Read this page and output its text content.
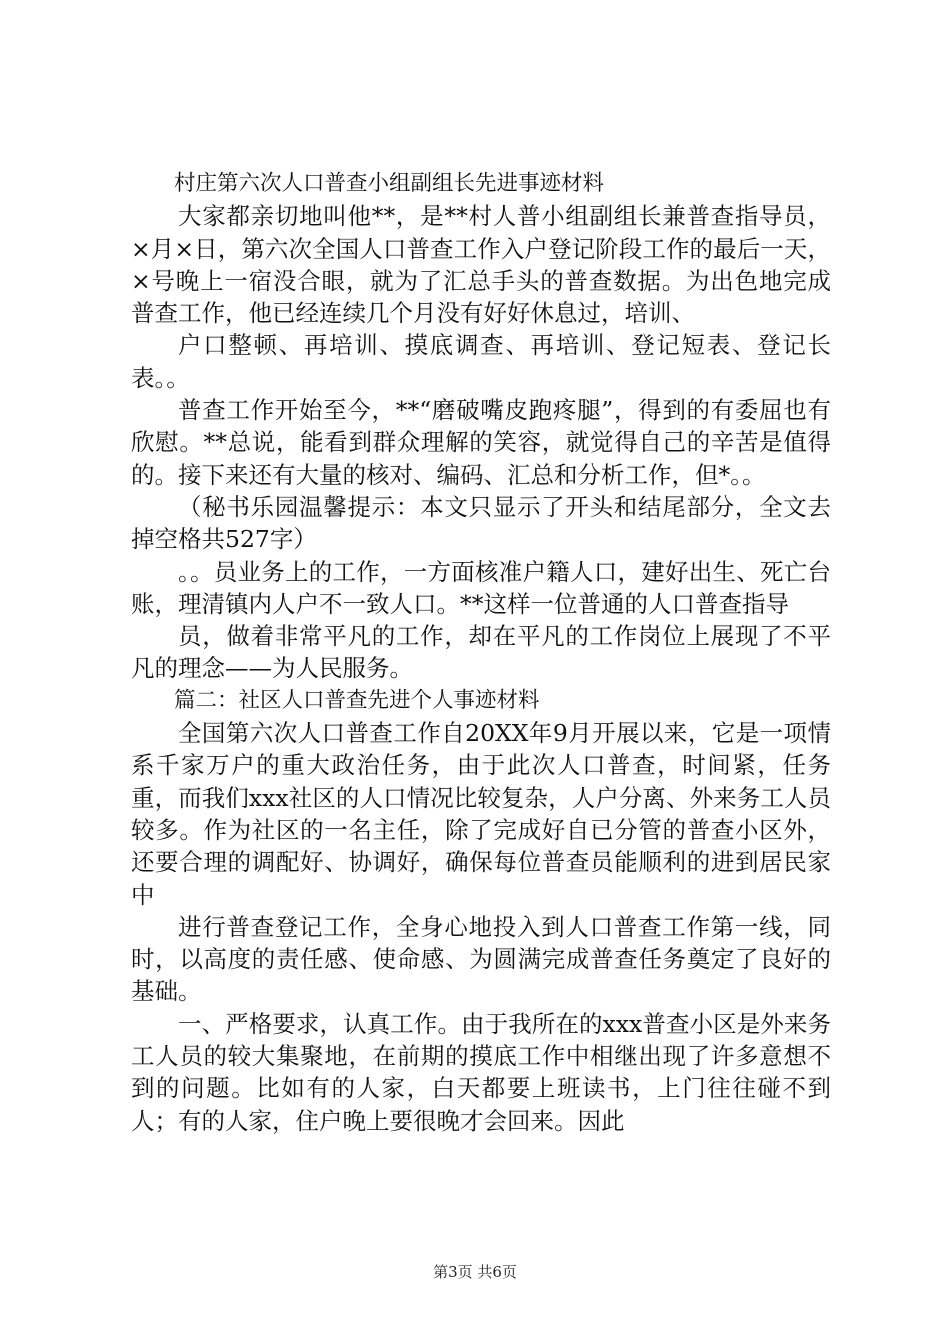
村庄第六次人口普查小组副组长先进事迹材料

大家都亲切地叫他**，是**村人普小组副组长兼普查指导员，×月×日，第六次全国人口普查工作入户登记阶段工作的最后一天，×号晚上一宿没合眼，就为了汇总手头的普查数据。为出色地完成普查工作，他已经连续几个月没有好好休息过，培训、

户口整顿、再培训、摸底调查、再培训、登记短表、登记长表。。

普查工作开始至今，**“磨破嘴皮跑疼腿”，得到的有委屈也有欣慰。**总说，能看到群众理解的笑容，就觉得自己的辛苦是值得的。接下来还有大量的核对、编码、汇总和分析工作，但*。。

（秘书乐园温馨提示：本文只显示了开头和结尾部分，全文去掉空格共527字）

。。员业务上的工作，一方面核准户籍人口，建好出生、死亡台账，理清镇内人户不一致人口。**这样一位普通的人口普查指导

员，做着非常平凡的工作，却在平凡的工作岗位上展现了不平凡的理念——为人民服务。

篇二：社区人口普查先进个人事迹材料

全国第六次人口普查工作自20XX年9月开展以来，它是一项情系千家万户的重大政治任务，由于此次人口普查，时间紧，任务重，而我们xxx社区的人口情况比较复杂，人户分离、外来务工人员较多。作为社区的一名主任，除了完成好自已分管的普查小区外，还要合理的调配好、协调好，确保每位普查员能顺利的进到居民家中

进行普查登记工作，全身心地投入到人口普查工作第一线，同时，以高度的责任感、使命感、为圆满完成普查任务奠定了良好的基础。

一、严格要求，认真工作。由于我所在的xxx普查小区是外来务工人员的较大集聚地，在前期的摸底工作中相继出现了许多意想不到的问题。比如有的人家，白天都要上班读书，上门往往碰不到人；有的人家，住户晚上要很晚才会回来。因此

第3页 共6页
